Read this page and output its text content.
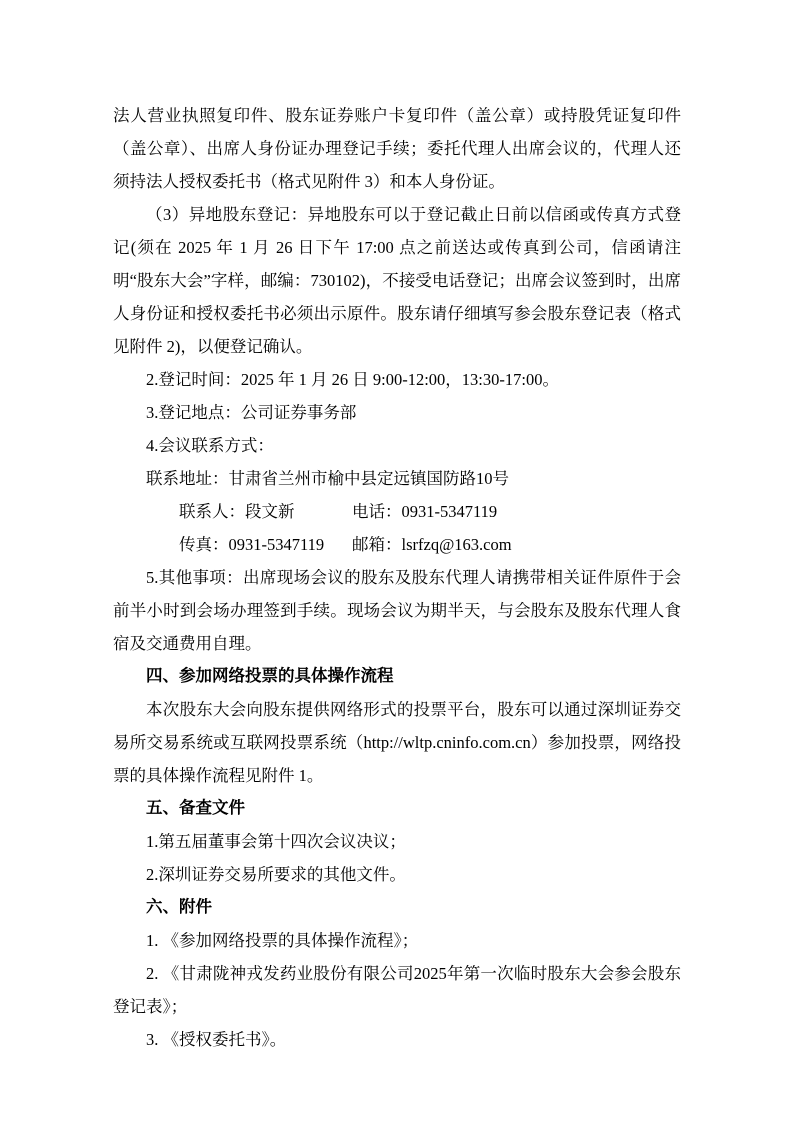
法人营业执照复印件、股东证券账户卡复印件（盖公章）或持股凭证复印件（盖公章）、出席人身份证办理登记手续；委托代理人出席会议的，代理人还须持法人授权委托书（格式见附件 3）和本人身份证。

（3）异地股东登记：异地股东可以于登记截止日前以信函或传真方式登记(须在 2025 年 1 月 26 日下午 17:00 点之前送达或传真到公司，信函请注明“股东大会”字样，邮编：730102)，不接受电话登记；出席会议签到时，出席人身份证和授权委托书必须出示原件。股东请仔细填写参会股东登记表（格式见附件 2)，以便登记确认。

2.登记时间：2025 年 1 月 26 日 9:00-12:00，13:30-17:00。

3.登记地点：公司证券事务部

4.会议联系方式：

联系地址：甘肃省兰州市榆中县定远镇国防路10号

联系人：段文新	电话：0931-5347119

传真：0931-5347119 邮箱：lsrfzq@163.com

5.其他事项：出席现场会议的股东及股东代理人请携带相关证件原件于会前半小时到会场办理签到手续。现场会议为期半天，与会股东及股东代理人食宿及交通费用自理。

四、参加网络投票的具体操作流程

本次股东大会向股东提供网络形式的投票平台，股东可以通过深圳证券交易所交易系统或互联网投票系统（http://wltp.cninfo.com.cn）参加投票，网络投票的具体操作流程见附件 1。

五、备查文件

1.第五届董事会第十四次会议决议；

2.深圳证券交易所要求的其他文件。

六、附件

1. 《参加网络投票的具体操作流程》；

2. 《甘肃陇神戎发药业股份有限公司2025年第一次临时股东大会参会股东登记表》；

3. 《授权委托书》。
